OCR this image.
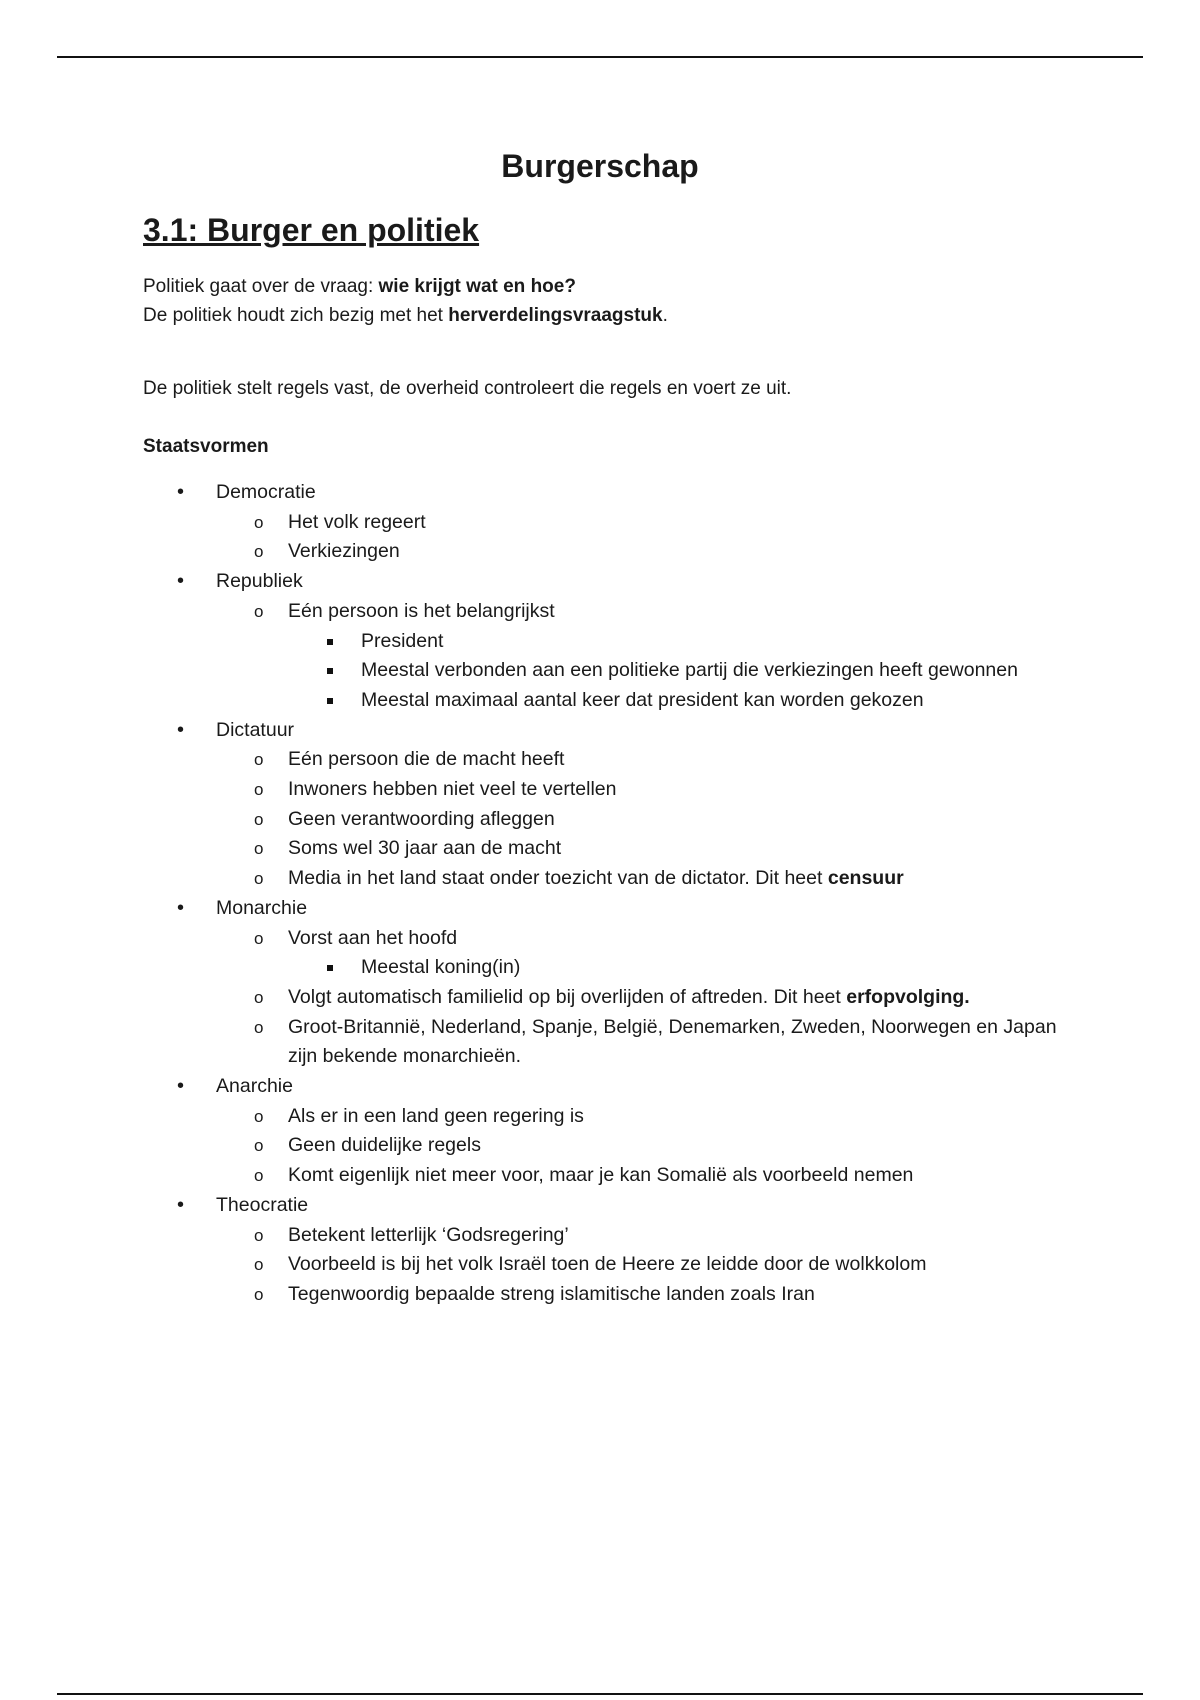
Burgerschap
3.1: Burger en politiek
Politiek gaat over de vraag: wie krijgt wat en hoe?
De politiek houdt zich bezig met het herverdelingsvraagstuk.
De politiek stelt regels vast, de overheid controleert die regels en voert ze uit.
Staatsvormen
• Democratie
o Het volk regeert
o Verkiezingen
• Republiek
o Eén persoon is het belangrijkst
President
Meestal verbonden aan een politieke partij die verkiezingen heeft gewonnen
Meestal maximaal aantal keer dat president kan worden gekozen
• Dictatuur
o Eén persoon die de macht heeft
o Inwoners hebben niet veel te vertellen
o Geen verantwoording afleggen
o Soms wel 30 jaar aan de macht
o Media in het land staat onder toezicht van de dictator. Dit heet censuur
• Monarchie
o Vorst aan het hoofd
Meestal koning(in)
o Volgt automatisch familielid op bij overlijden of aftreden. Dit heet erfopvolging.
o Groot-Britannië, Nederland, Spanje, België, Denemarken, Zweden, Noorwegen en Japan zijn bekende monarchieën.
• Anarchie
o Als er in een land geen regering is
o Geen duidelijke regels
o Komt eigenlijk niet meer voor, maar je kan Somalië als voorbeeld nemen
• Theocratie
o Betekent letterlijk ‘Godsregering’
o Voorbeeld is bij het volk Israël toen de Heere ze leidde door de wolkkolom
o Tegenwoordig bepaalde streng islamitische landen zoals Iran
